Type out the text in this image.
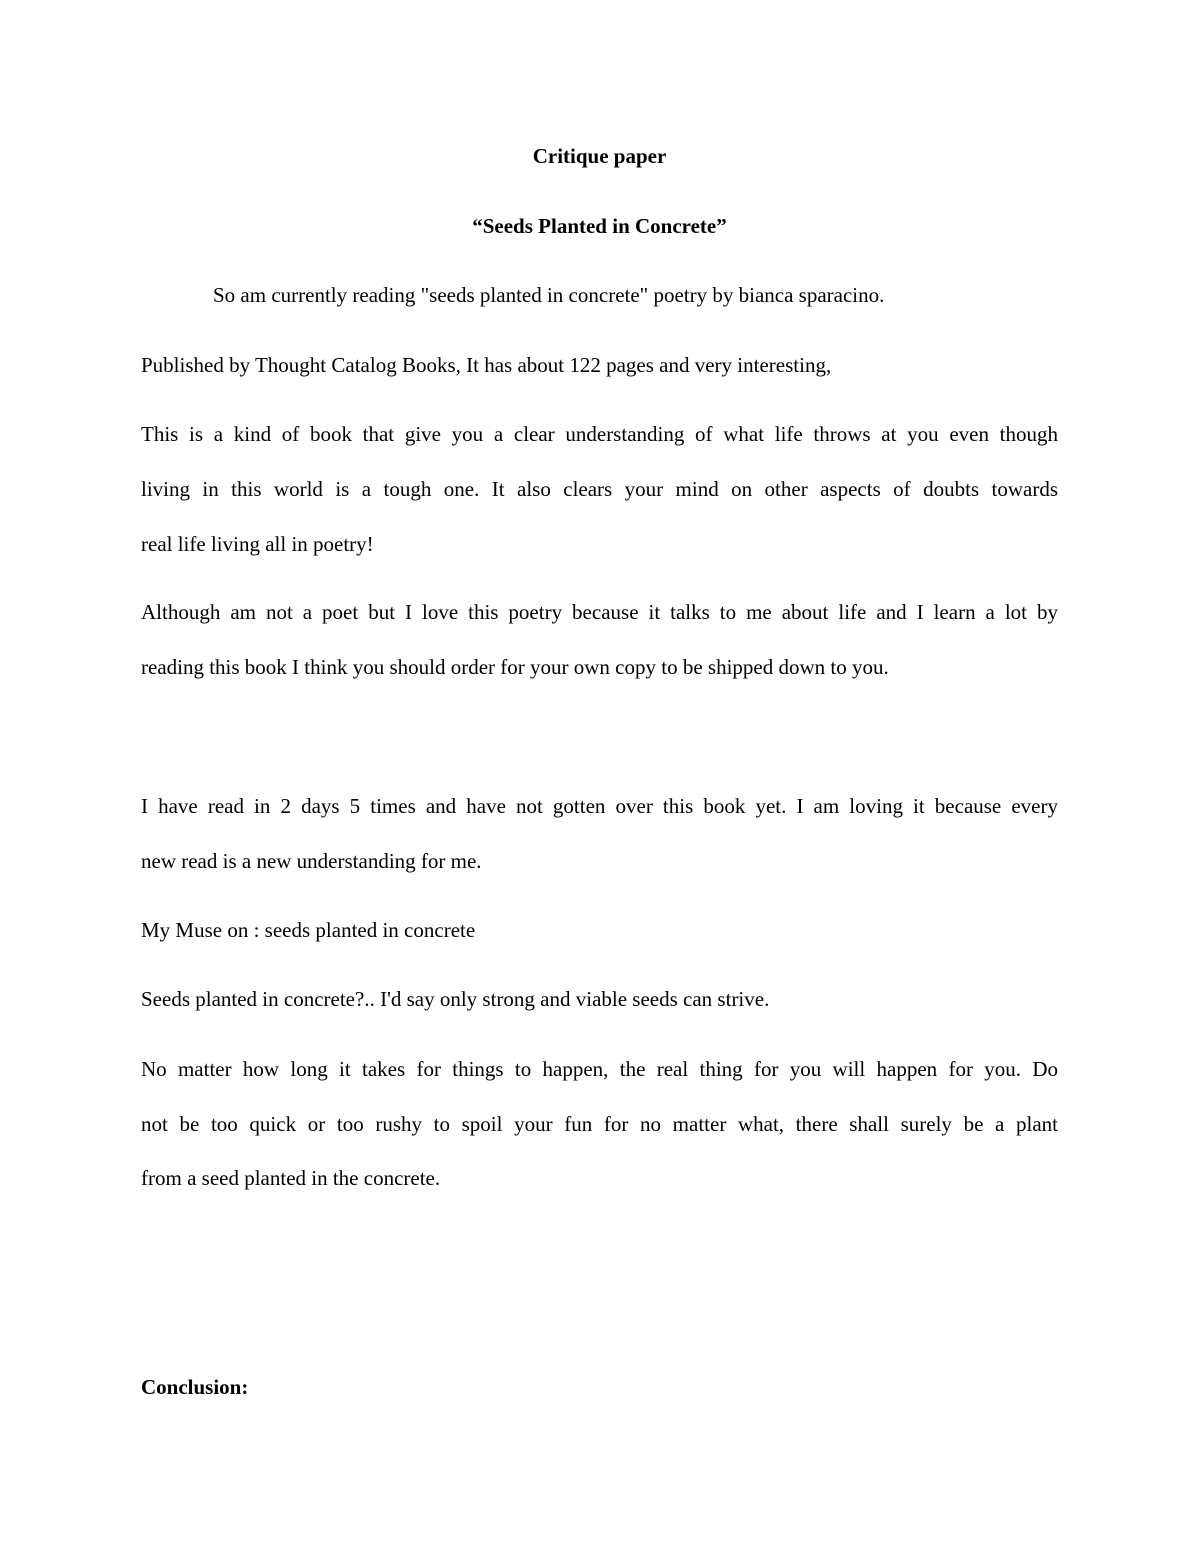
Critique paper

“Seeds Planted in Concrete”

So am currently reading "seeds planted in concrete" poetry by bianca sparacino.

Published by Thought Catalog Books, It has about 122 pages and very interesting,

This is a kind of book that give you a clear understanding of what life throws at you even though

living in this world is a tough one. It also clears your mind on other aspects of doubts towards

real life living all in poetry!

Although am not a poet but I love this poetry because it talks to me about life and I learn a lot by

reading this book I think you should order for your own copy to be shipped down to you.

I have read in 2 days 5 times and have not gotten over this book yet. I am loving it because every

new read is a new understanding for me.

My Muse on : seeds planted in concrete

Seeds planted in concrete?.. I'd say only strong and viable seeds can strive.

No matter how long it takes for things to happen, the real thing for you will happen for you. Do

not be too quick or too rushy to spoil your fun for no matter what, there shall surely be a plant

from a seed planted in the concrete.

Conclusion:
